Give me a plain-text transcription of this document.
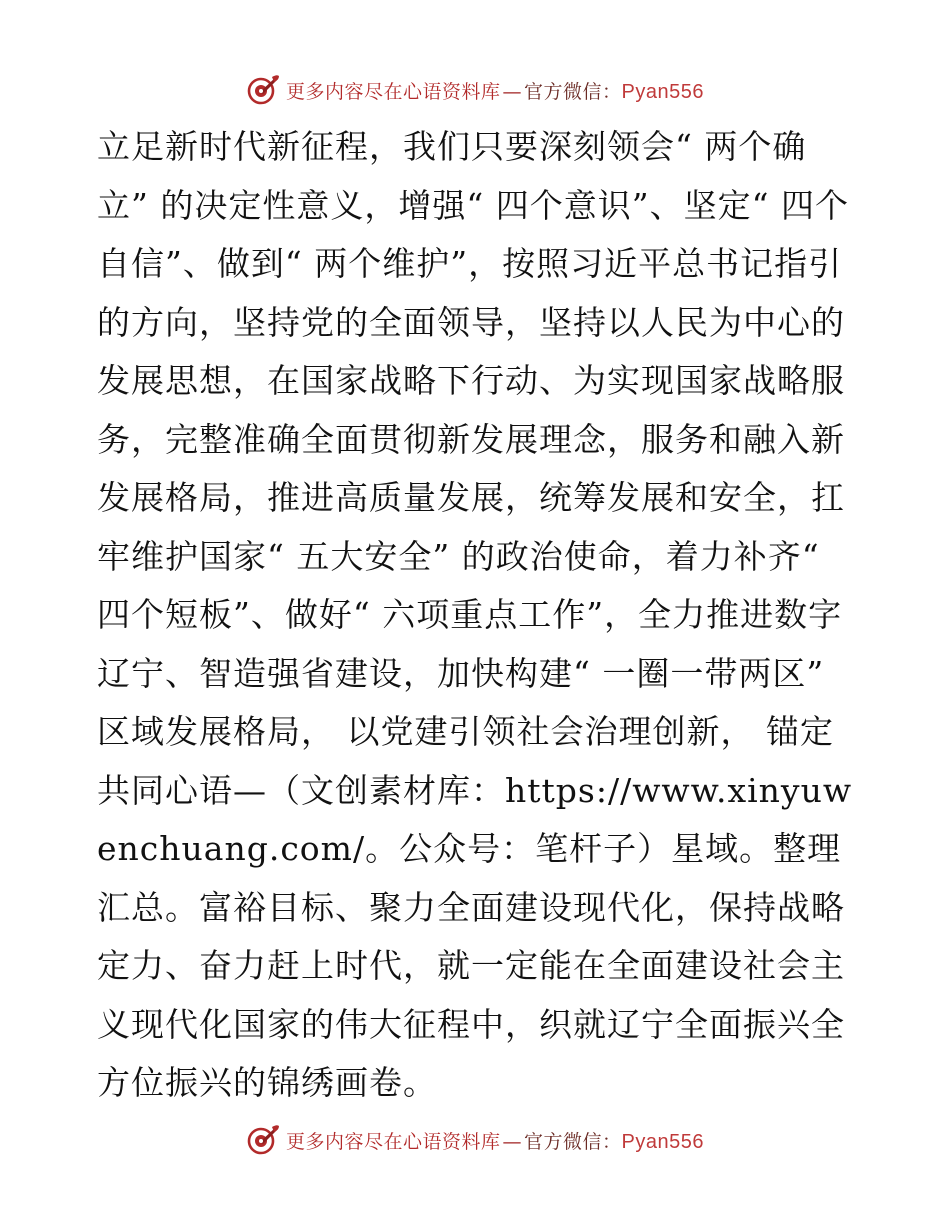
更多内容尽在心语资料库 — 官方微信：Pyan556

立足新时代新征程，我们只要深刻领会“ 两个确立” 的决定性意义，增强“ 四个意识”、坚定“ 四个自信”、做到“ 两个维护”，按照习近平总书记指引的方向，坚持党的全面领导，坚持以人民为中心的发展思想，在国家战略下行动、为实现国家战略服务，完整准确全面贯彻新发展理念，服务和融入新发展格局，推进高质量发展，统筹发展和安全，扛牢维护国家“ 五大安全” 的政治使命，着力补齐“ 四个短板”、做好“ 六项重点工作”，全力推进数字辽宁、智造强省建设，加快构建“ 一圈一带两区” 区域发展格局， 以党建引领社会治理创新， 锚定共同心语—（文创素材库：https://www.xinyuwenchuang.com/。公众号：笔杆子）星域。整理汇总。富裕目标、聚力全面建设现代化，保持战略定力、奋力赶上时代，就一定能在全面建设社会主义现代化国家的伟大征程中，织就辽宁全面振兴全方位振兴的锦绣画卷。

更多内容尽在心语资料库 — 官方微信：Pyan556
